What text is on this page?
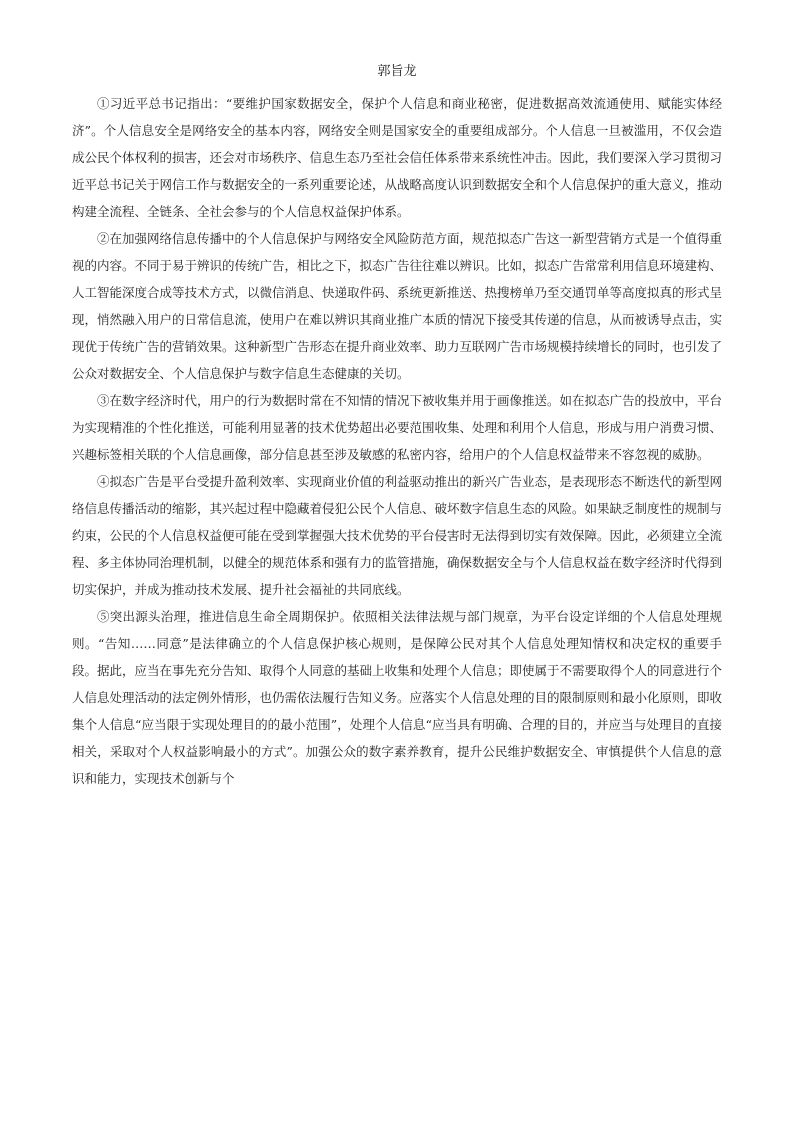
郭旨龙

①习近平总书记指出：“要维护国家数据安全，保护个人信息和商业秘密，促进数据高效流通使用、赋能实体经济”。个人信息安全是网络安全的基本内容，网络安全则是国家安全的重要组成部分。个人信息一旦被滥用，不仅会造成公民个体权利的损害，还会对市场秩序、信息生态乃至社会信任体系带来系统性冲击。因此，我们要深入学习贯彻习近平总书记关于网信工作与数据安全的一系列重要论述，从战略高度认识到数据安全和个人信息保护的重大意义，推动构建全流程、全链条、全社会参与的个人信息权益保护体系。

②在加强网络信息传播中的个人信息保护与网络安全风险防范方面，规范拟态广告这一新型营销方式是一个值得重视的内容。不同于易于辨识的传统广告，相比之下，拟态广告往往难以辨识。比如，拟态广告常常利用信息环境建构、人工智能深度合成等技术方式，以微信消息、快递取件码、系统更新推送、热搜榜单乃至交通罚单等高度拟真的形式呈现，悄然融入用户的日常信息流，使用户在难以辨识其商业推广本质的情况下接受其传递的信息，从而被诱导点击，实现优于传统广告的营销效果。这种新型广告形态在提升商业效率、助力互联网广告市场规模持续增长的同时，也引发了公众对数据安全、个人信息保护与数字信息生态健康的关切。

③在数字经济时代，用户的行为数据时常在不知情的情况下被收集并用于画像推送。如在拟态广告的投放中，平台为实现精准的个性化推送，可能利用显著的技术优势超出必要范围收集、处理和利用个人信息，形成与用户消费习惯、兴趣标签相关联的个人信息画像，部分信息甚至涉及敏感的私密内容，给用户的个人信息权益带来不容忽视的威胁。

④拟态广告是平台受提升盈利效率、实现商业价值的利益驱动推出的新兴广告业态，是表现形态不断迭代的新型网络信息传播活动的缩影，其兴起过程中隐藏着侵犯公民个人信息、破坏数字信息生态的风险。如果缺乏制度性的规制与约束，公民的个人信息权益便可能在受到掌握强大技术优势的平台侵害时无法得到切实有效保障。因此，必须建立全流程、多主体协同治理机制，以健全的规范体系和强有力的监管措施，确保数据安全与个人信息权益在数字经济时代得到切实保护，并成为推动技术发展、提升社会福祉的共同底线。

⑤突出源头治理，推进信息生命全周期保护。依照相关法律法规与部门规章，为平台设定详细的个人信息处理规则。“告知……同意”是法律确立的个人信息保护核心规则，是保障公民对其个人信息处理知情权和决定权的重要手段。据此，应当在事先充分告知、取得个人同意的基础上收集和处理个人信息；即使属于不需要取得个人的同意进行个人信息处理活动的法定例外情形，也仍需依法履行告知义务。应落实个人信息处理的目的限制原则和最小化原则，即收集个人信息“应当限于实现处理目的的最小范围”，处理个人信息“应当具有明确、合理的目的，并应当与处理目的直接相关，采取对个人权益影响最小的方式”。加强公众的数字素养教育，提升公民维护数据安全、审慎提供个人信息的意识和能力，实现技术创新与个
